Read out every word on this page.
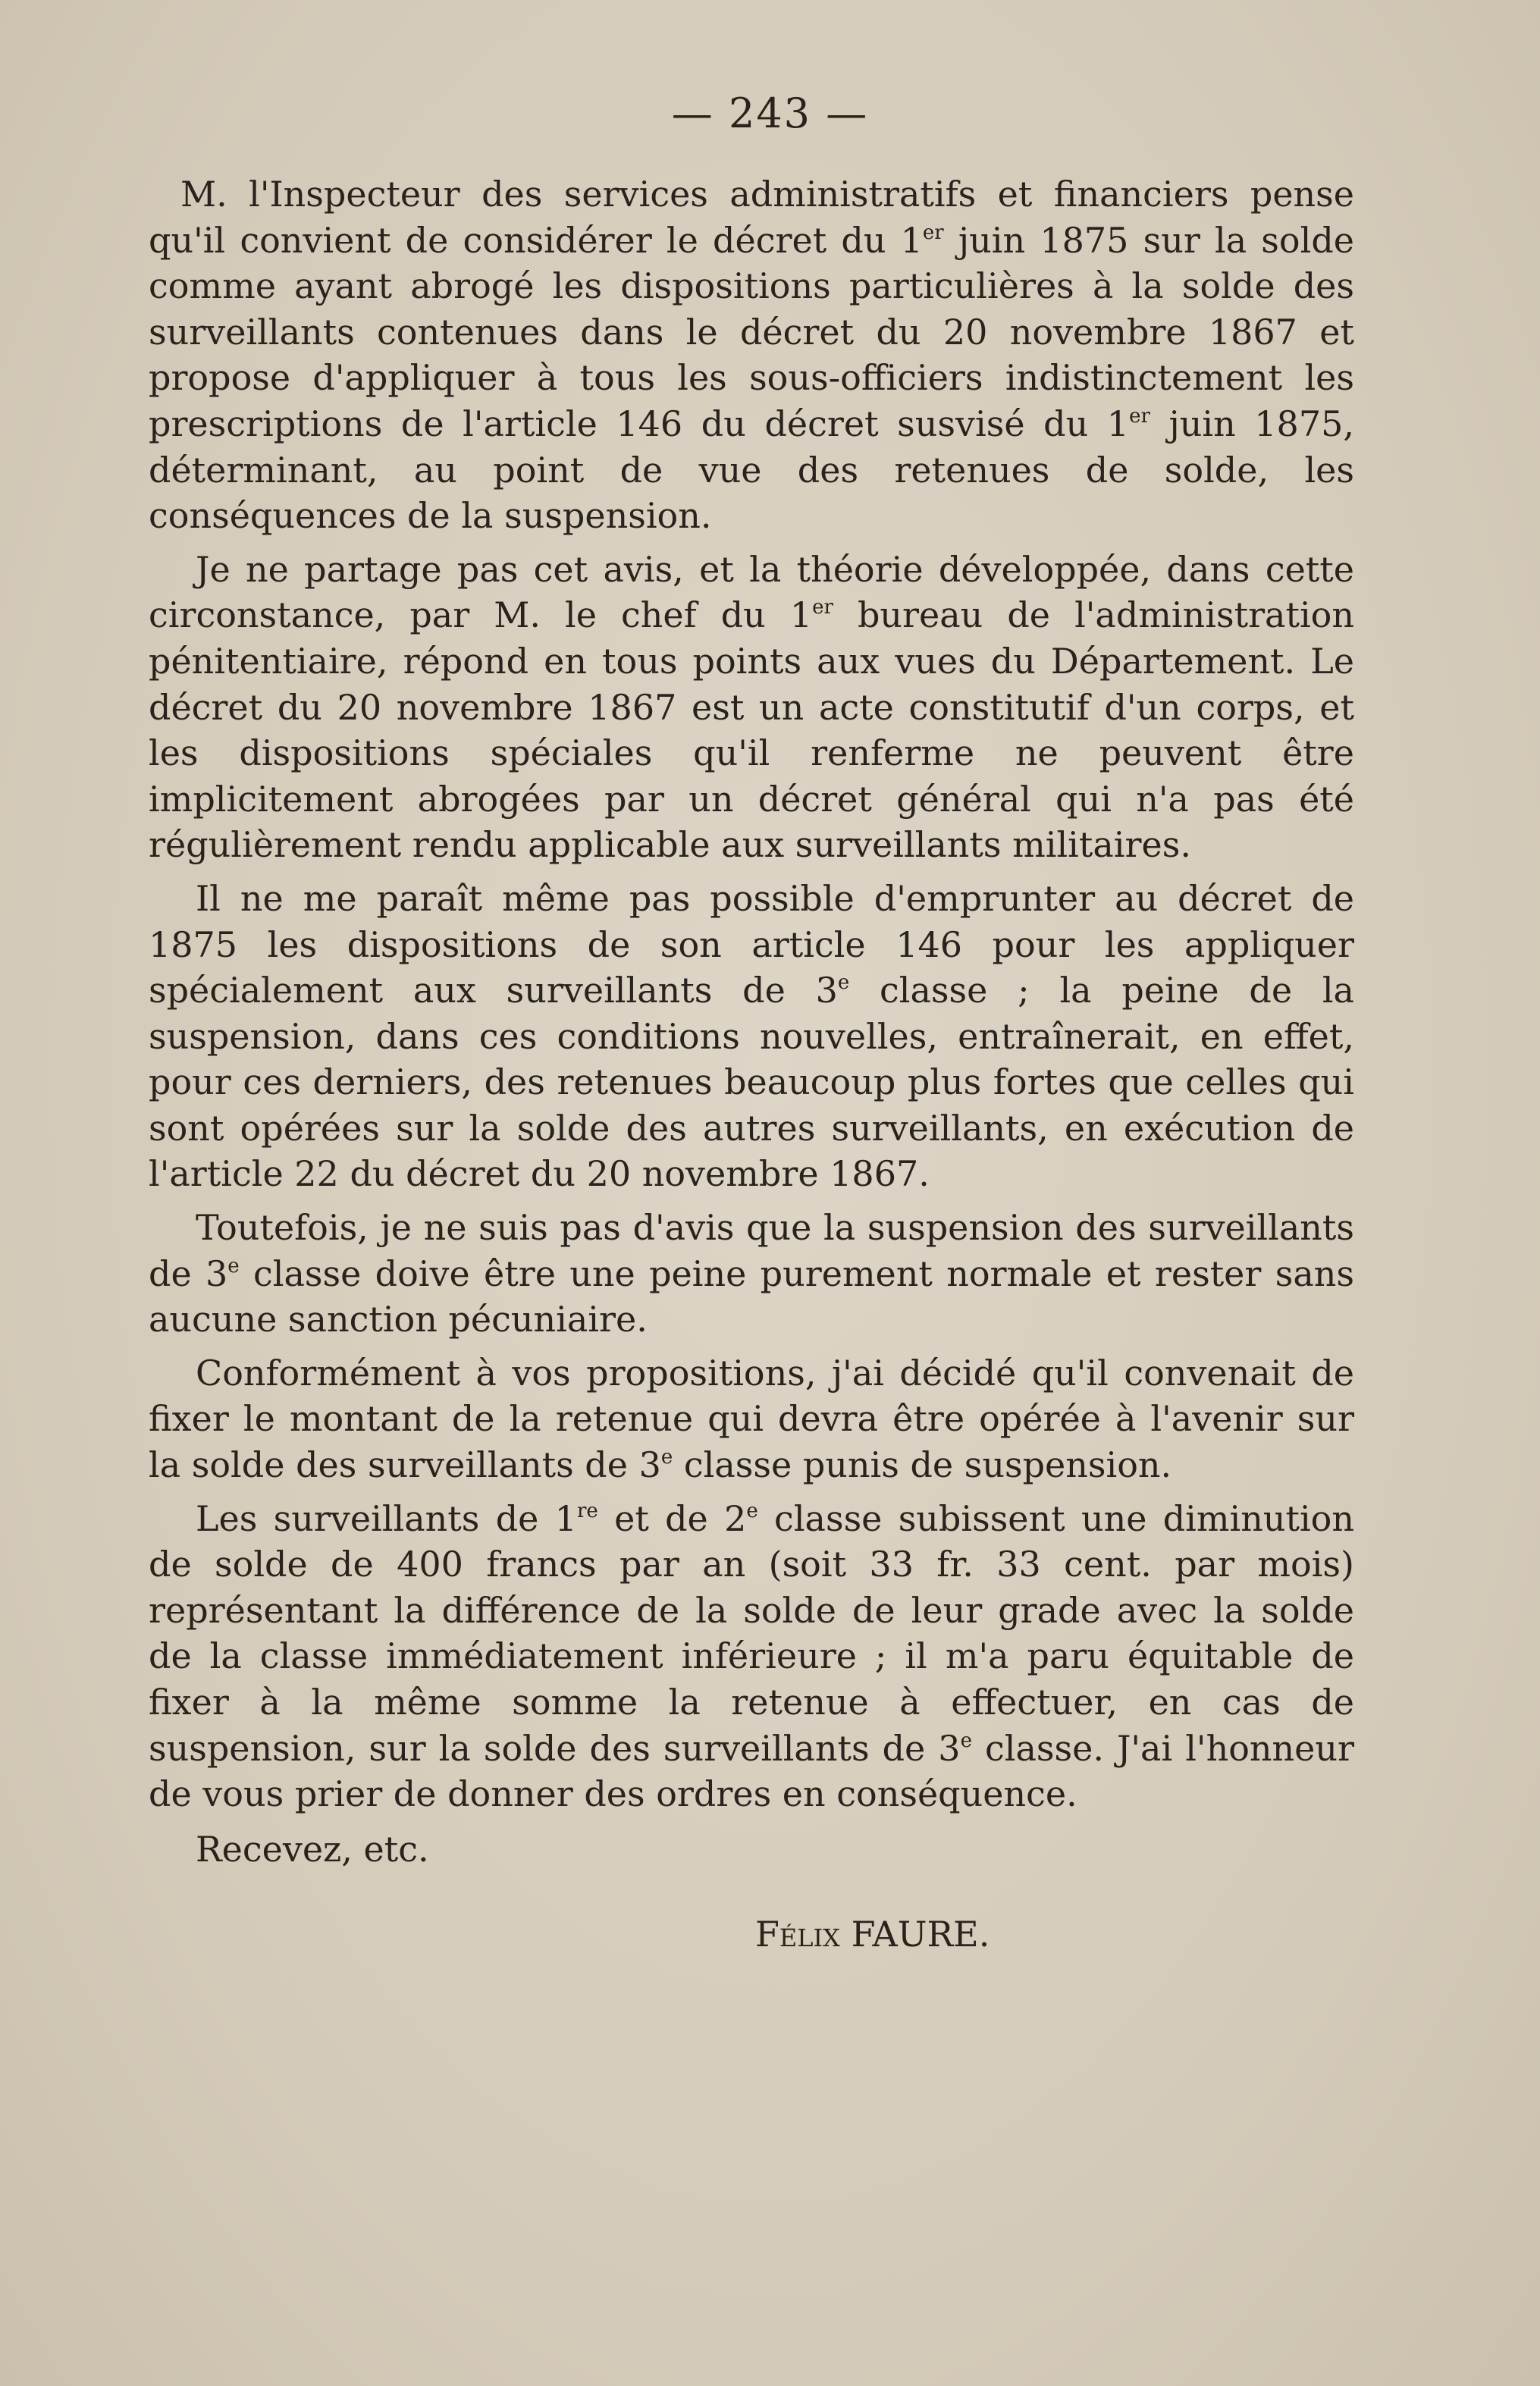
— 243 —

M. l'Inspecteur des services administratifs et financiers pense qu'il convient de considérer le décret du 1er juin 1875 sur la solde comme ayant abrogé les dispositions particulières à la solde des surveillants contenues dans le décret du 20 novembre 1867 et propose d'appliquer à tous les sous-officiers indistinctement les prescriptions de l'article 146 du décret susvisé du 1er juin 1875, déterminant, au point de vue des retenues de solde, les conséquences de la suspension.

Je ne partage pas cet avis, et la théorie développée, dans cette circonstance, par M. le chef du 1er bureau de l'administration pénitentiaire, répond en tous points aux vues du Département. Le décret du 20 novembre 1867 est un acte constitutif d'un corps, et les dispositions spéciales qu'il renferme ne peuvent être implicitement abrogées par un décret général qui n'a pas été régulièrement rendu applicable aux surveillants militaires.

Il ne me paraît même pas possible d'emprunter au décret de 1875 les dispositions de son article 146 pour les appliquer spécialement aux surveillants de 3e classe ; la peine de la suspension, dans ces conditions nouvelles, entraînerait, en effet, pour ces derniers, des retenues beaucoup plus fortes que celles qui sont opérées sur la solde des autres surveillants, en exécution de l'article 22 du décret du 20 novembre 1867.

Toutefois, je ne suis pas d'avis que la suspension des surveillants de 3e classe doive être une peine purement normale et rester sans aucune sanction pécuniaire.

Conformément à vos propositions, j'ai décidé qu'il convenait de fixer le montant de la retenue qui devra être opérée à l'avenir sur la solde des surveillants de 3e classe punis de suspension.

Les surveillants de 1re et de 2e classe subissent une diminution de solde de 400 francs par an (soit 33 fr. 33 cent. par mois) représentant la différence de la solde de leur grade avec la solde de la classe immédiatement inférieure ; il m'a paru équitable de fixer à la même somme la retenue à effectuer, en cas de suspension, sur la solde des surveillants de 3e classe. J'ai l'honneur de vous prier de donner des ordres en conséquence.

Recevez, etc.

Félix FAURE.
